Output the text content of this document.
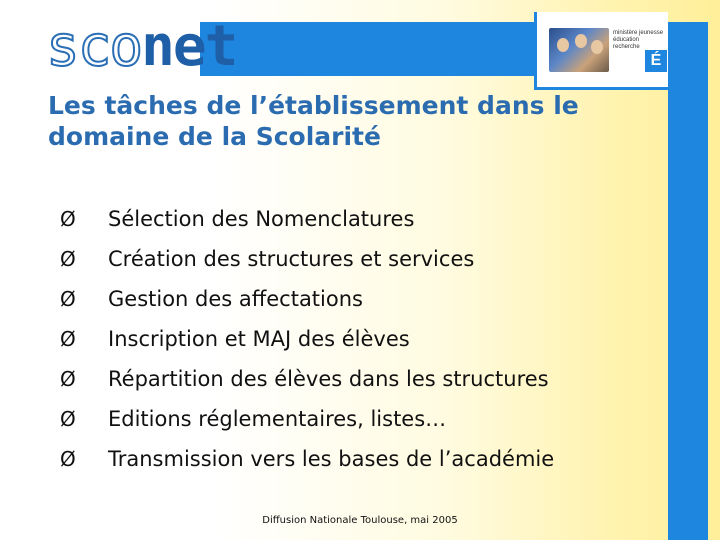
sconet	ministère jeunesse éducation recherche
É
Les tâches de l’établissement dans le
domaine de la Scolarité
Ø	Sélection des Nomenclatures
Ø	Création des structures et services
Ø	Gestion des affectations
Ø	Inscription et MAJ des élèves
Ø	Répartition des élèves dans les structures
Ø	Editions réglementaires, listes…
Ø	Transmission vers les bases de l’académie
Diffusion Nationale Toulouse, mai 2005
